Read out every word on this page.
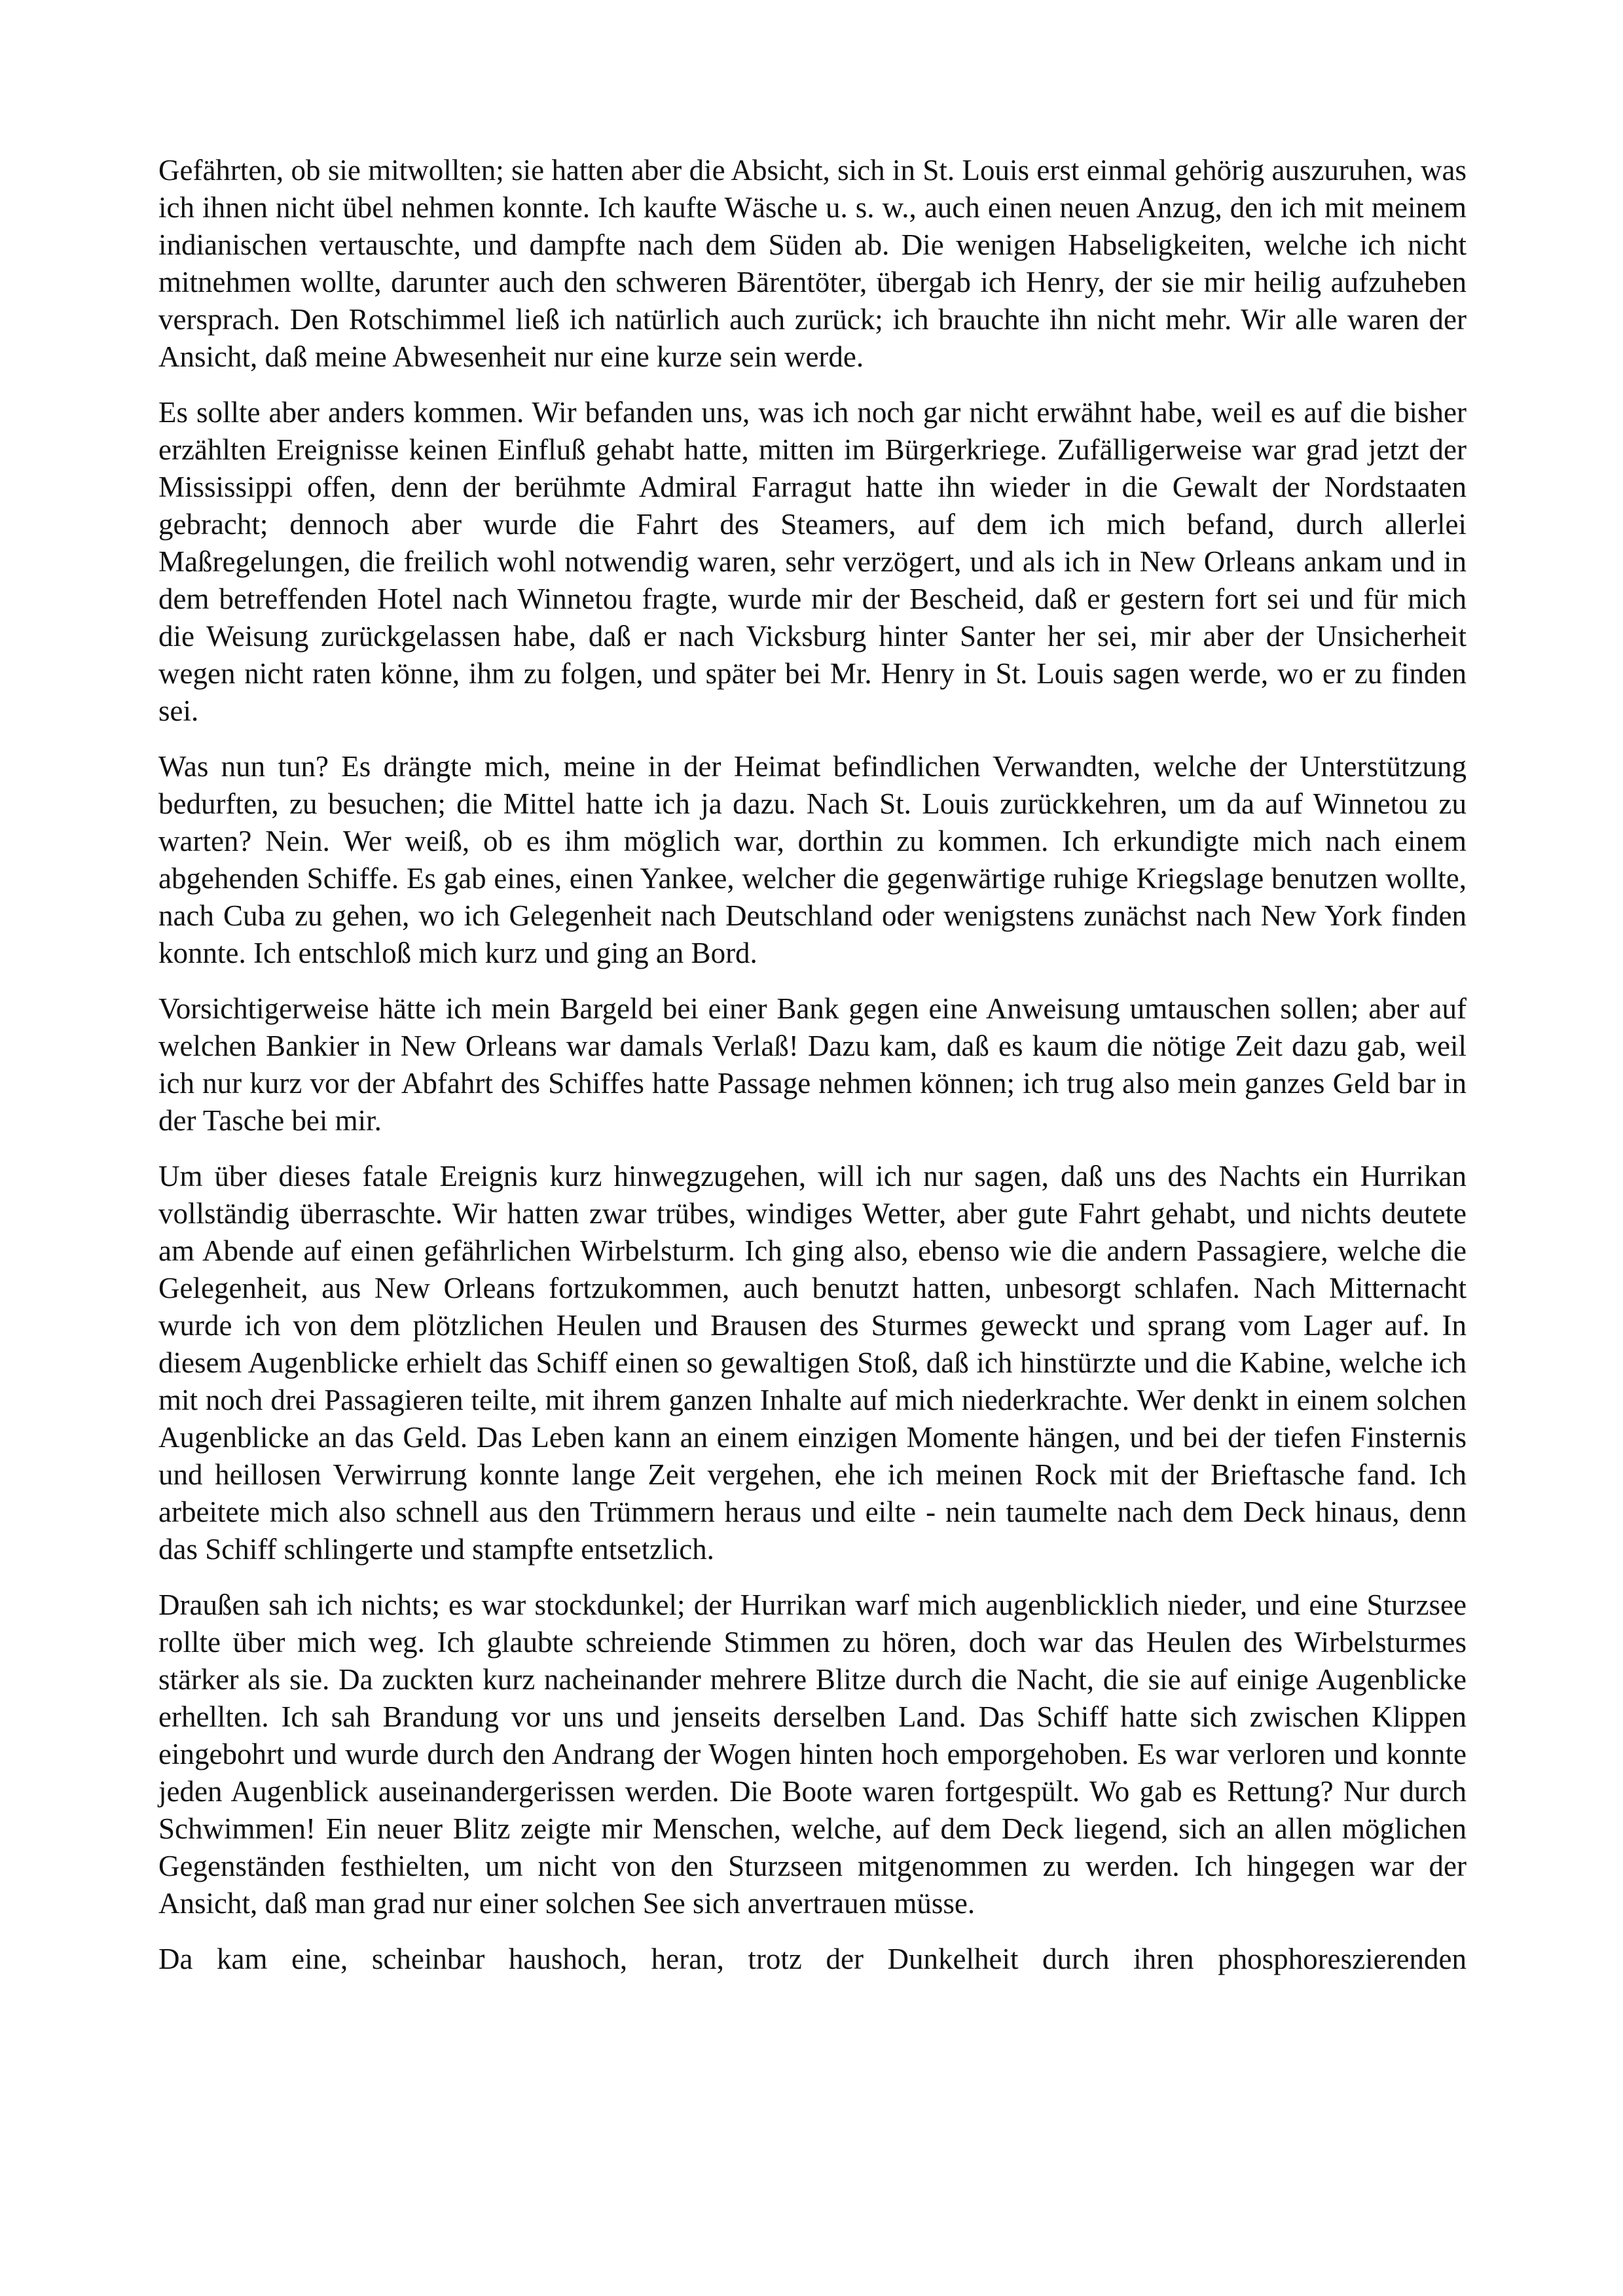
Gefährten, ob sie mitwollten; sie hatten aber die Absicht, sich in St. Louis erst einmal gehörig auszuruhen, was ich ihnen nicht übel nehmen konnte. Ich kaufte Wäsche u. s. w., auch einen neuen Anzug, den ich mit meinem indianischen vertauschte, und dampfte nach dem Süden ab. Die wenigen Habseligkeiten, welche ich nicht mitnehmen wollte, darunter auch den schweren Bärentöter, übergab ich Henry, der sie mir heilig aufzuheben versprach. Den Rotschimmel ließ ich natürlich auch zurück; ich brauchte ihn nicht mehr. Wir alle waren der Ansicht, daß meine Abwesenheit nur eine kurze sein werde.

Es sollte aber anders kommen. Wir befanden uns, was ich noch gar nicht erwähnt habe, weil es auf die bisher erzählten Ereignisse keinen Einfluß gehabt hatte, mitten im Bürgerkriege. Zufälligerweise war grad jetzt der Mississippi offen, denn der berühmte Admiral Farragut hatte ihn wieder in die Gewalt der Nordstaaten gebracht; dennoch aber wurde die Fahrt des Steamers, auf dem ich mich befand, durch allerlei Maßregelungen, die freilich wohl notwendig waren, sehr verzögert, und als ich in New Orleans ankam und in dem betreffenden Hotel nach Winnetou fragte, wurde mir der Bescheid, daß er gestern fort sei und für mich die Weisung zurückgelassen habe, daß er nach Vicksburg hinter Santer her sei, mir aber der Unsicherheit wegen nicht raten könne, ihm zu folgen, und später bei Mr. Henry in St. Louis sagen werde, wo er zu finden sei.

Was nun tun? Es drängte mich, meine in der Heimat befindlichen Verwandten, welche der Unterstützung bedurften, zu besuchen; die Mittel hatte ich ja dazu. Nach St. Louis zurückkehren, um da auf Winnetou zu warten? Nein. Wer weiß, ob es ihm möglich war, dorthin zu kommen. Ich erkundigte mich nach einem abgehenden Schiffe. Es gab eines, einen Yankee, welcher die gegenwärtige ruhige Kriegslage benutzen wollte, nach Cuba zu gehen, wo ich Gelegenheit nach Deutschland oder wenigstens zunächst nach New York finden konnte. Ich entschloß mich kurz und ging an Bord.

Vorsichtigerweise hätte ich mein Bargeld bei einer Bank gegen eine Anweisung umtauschen sollen; aber auf welchen Bankier in New Orleans war damals Verlaß! Dazu kam, daß es kaum die nötige Zeit dazu gab, weil ich nur kurz vor der Abfahrt des Schiffes hatte Passage nehmen können; ich trug also mein ganzes Geld bar in der Tasche bei mir.

Um über dieses fatale Ereignis kurz hinwegzugehen, will ich nur sagen, daß uns des Nachts ein Hurrikan vollständig überraschte. Wir hatten zwar trübes, windiges Wetter, aber gute Fahrt gehabt, und nichts deutete am Abende auf einen gefährlichen Wirbelsturm. Ich ging also, ebenso wie die andern Passagiere, welche die Gelegenheit, aus New Orleans fortzukommen, auch benutzt hatten, unbesorgt schlafen. Nach Mitternacht wurde ich von dem plötzlichen Heulen und Brausen des Sturmes geweckt und sprang vom Lager auf. In diesem Augenblicke erhielt das Schiff einen so gewaltigen Stoß, daß ich hinstürzte und die Kabine, welche ich mit noch drei Passagieren teilte, mit ihrem ganzen Inhalte auf mich niederkrachte. Wer denkt in einem solchen Augenblicke an das Geld. Das Leben kann an einem einzigen Momente hängen, und bei der tiefen Finsternis und heillosen Verwirrung konnte lange Zeit vergehen, ehe ich meinen Rock mit der Brieftasche fand. Ich arbeitete mich also schnell aus den Trümmern heraus und eilte - nein taumelte nach dem Deck hinaus, denn das Schiff schlingerte und stampfte entsetzlich.

Draußen sah ich nichts; es war stockdunkel; der Hurrikan warf mich augenblicklich nieder, und eine Sturzsee rollte über mich weg. Ich glaubte schreiende Stimmen zu hören, doch war das Heulen des Wirbelsturmes stärker als sie. Da zuckten kurz nacheinander mehrere Blitze durch die Nacht, die sie auf einige Augenblicke erhellten. Ich sah Brandung vor uns und jenseits derselben Land. Das Schiff hatte sich zwischen Klippen eingebohrt und wurde durch den Andrang der Wogen hinten hoch emporgehoben. Es war verloren und konnte jeden Augenblick auseinandergerissen werden. Die Boote waren fortgespült. Wo gab es Rettung? Nur durch Schwimmen! Ein neuer Blitz zeigte mir Menschen, welche, auf dem Deck liegend, sich an allen möglichen Gegenständen festhielten, um nicht von den Sturzseen mitgenommen zu werden. Ich hingegen war der Ansicht, daß man grad nur einer solchen See sich anvertrauen müsse.

Da kam eine, scheinbar haushoch, heran, trotz der Dunkelheit durch ihren phosphoreszierenden
